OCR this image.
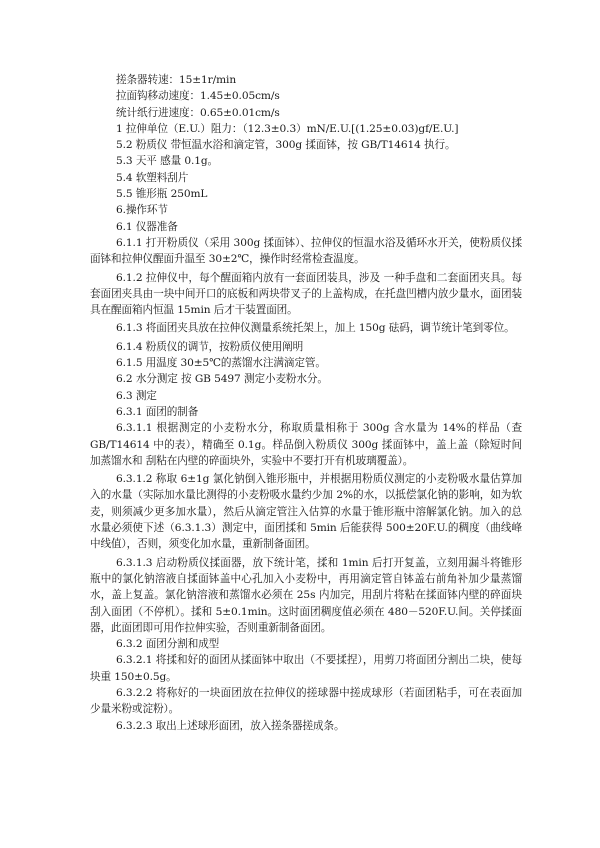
搓条器转速：15±1r/min

拉面钩移动速度：1.45±0.05cm/s

统计纸行进速度：0.65±0.01cm/s

1 拉伸单位（E.U.）阻力：（12.3±0.3）mN/E.U.[(1.25±0.03)gf/E.U.]

5.2 粉质仪 带恒温水浴和滴定管，300g 揉面钵，按 GB/T14614 执行。

5.3 天平 感量 0.1g。

5.4 软塑料刮片

5.5 锥形瓶 250mL

6.操作环节

6.1 仪器准备

6.1.1 打开粉质仪（采用 300g 揉面钵）、拉伸仪的恒温水浴及循环水开关，使粉质仪揉面钵和拉伸仪醒面升温至 30±2℃，操作时经常检查温度。

6.1.2 拉伸仪中，每个醒面箱内放有一套面团装具，涉及 一种手盘和二套面团夹具。每套面团夹具由一块中间开口的底板和两块带叉子的上盖构成，在托盘凹槽内放少量水，面团装 具在醒面箱内恒温 15min 后才干装置面团。

6.1.3 将面团夹具放在拉伸仪测量系统托架上，加上 150g 砝码，调节统计笔到零位。

6.1.4 粉质仪的调节，按粉质仪使用阐明

6.1.5 用温度 30±5℃的蒸馏水注满滴定管。

6.2 水分测定 按 GB 5497 测定小麦粉水分。

6.3 测定

6.3.1 面团的制备

6.3.1.1 根据测定的小麦粉水分，称取质量相称于 300g 含水量为 14%的样品（查 GB/T14614 中的表），精确至 0.1g。样品倒入粉质仪 300g 揉面钵中，盖上盖（除短时间加蒸馏水和 刮粘在内壁的碎面块外，实验中不要打开有机玻璃覆盖）。

6.3.1.2 称取 6±1g 氯化钠倒入锥形瓶中，并根据用粉质仪测定的小麦粉吸水量估算加入的水量（实际加水量比测得的小麦粉吸水量约少加 2%的水，以抵偿氯化钠的影响，如为软麦，则须减少更多加水量），然后从滴定管注入估算的水量于锥形瓶中溶解氯化钠。加入的总 水量必须使下述（6.3.1.3）测定中，面团揉和 5min 后能获得 500±20F.U.的稠度（曲线峰中线值），否则，须变化加水量，重新制备面团。

6.3.1.3 启动粉质仪揉面器，放下统计笔，揉和 1min 后打开复盖，立刻用漏斗将锥形瓶中的氯化钠溶液自揉面钵盖中心孔加入小麦粉中，再用滴定管自钵盖右前角补加少量蒸馏水，盖上复盖。氯化钠溶液和蒸馏水必须在 25s 内加完，用刮片将粘在揉面钵内壁的碎面块刮入面团（不停机）。揉和 5±0.1min。这时面团稠度值必须在 480－520F.U.间。关停揉面器，此面团即可用作拉伸实验，否则重新制备面团。

6.3.2 面团分割和成型

6.3.2.1 将揉和好的面团从揉面钵中取出（不要揉捏），用剪刀将面团分割出二块，使每块重 150±0.5g。

6.3.2.2 将称好的一块面团放在拉伸仪的搓球器中搓成球形（若面团粘手，可在表面加少量米粉或淀粉）。

6.3.2.3 取出上述球形面团，放入搓条器搓成条。
